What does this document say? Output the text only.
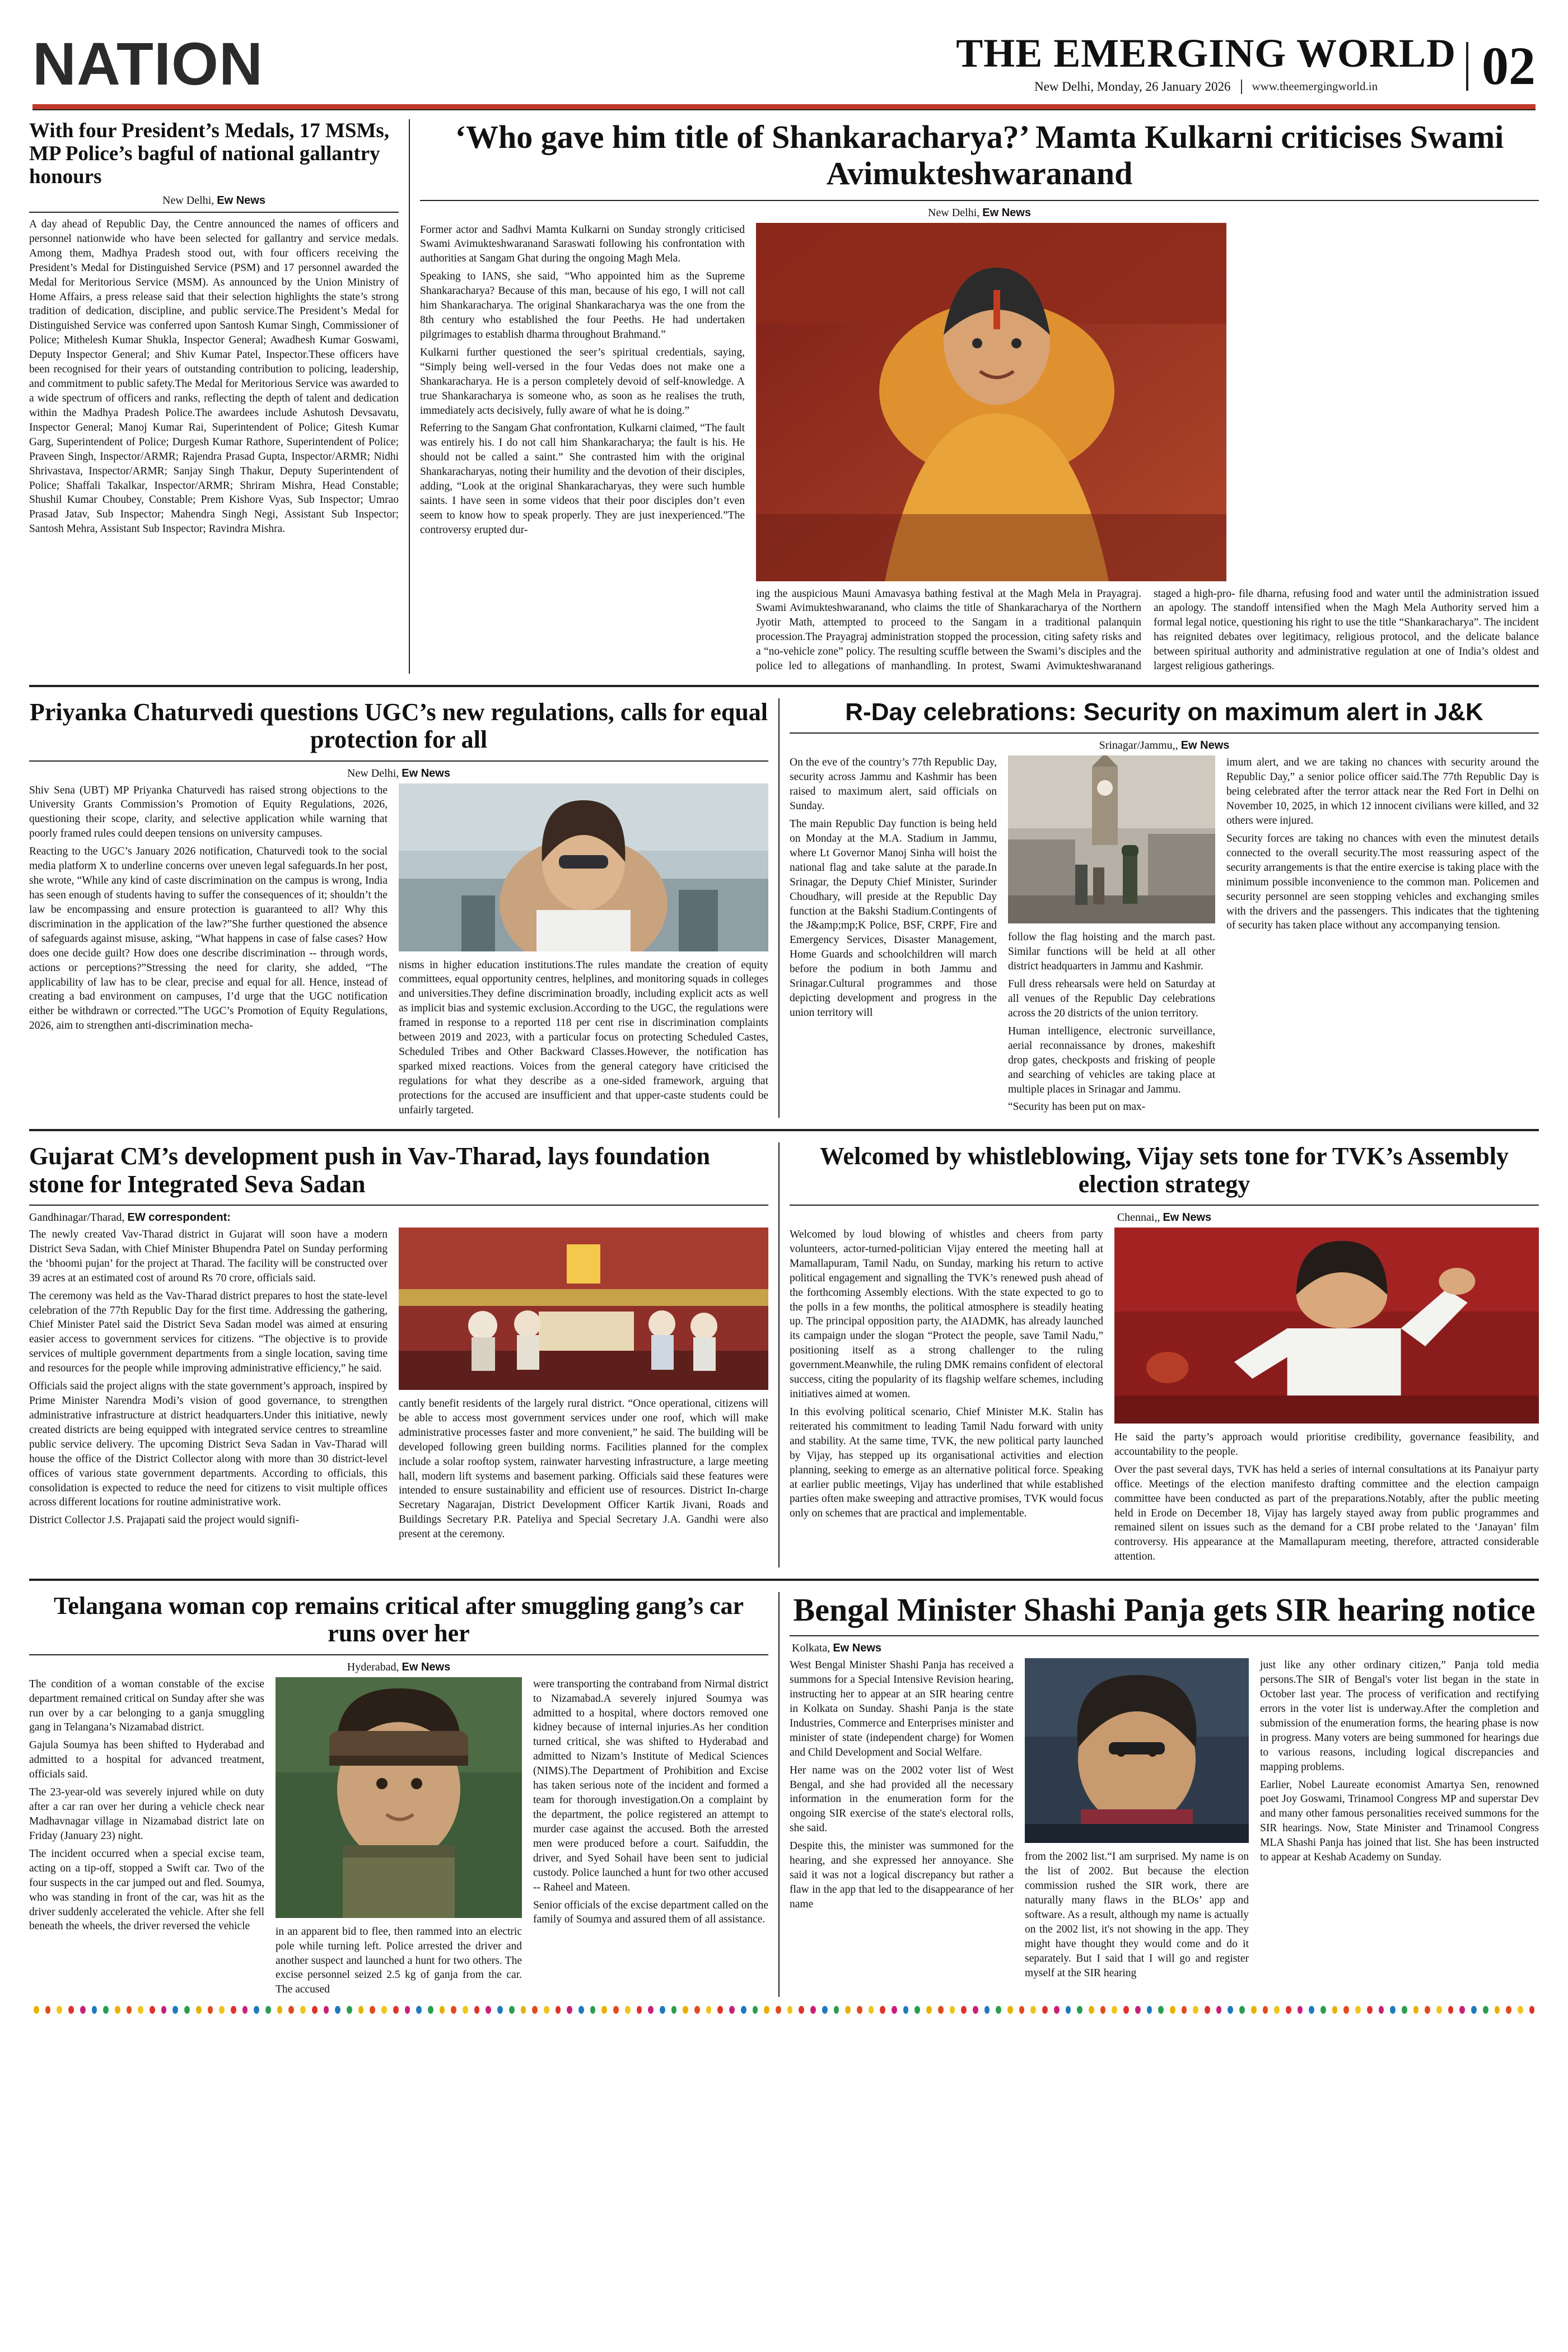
NATION	THE EMERGING WORLD
New Delhi, Monday, 26 January 2026 www.theemergingworld.in 02
With four President’s Medals, 17 MSMs, MP Police’s bagful of national gallantry honours
New Delhi, Ew News
A day ahead of Republic Day, the Centre announced the names of officers and personnel nationwide who have been selected for gallantry and service medals. Among them, Madhya Pradesh stood out, with four officers receiving the President’s Medal for Distinguished Service (PSM) and 17 personnel awarded the Medal for Meritorious Service (MSM). As announced by the Union Ministry of Home Affairs, a press release said that their selection highlights the state’s strong tradition of dedication, discipline, and public service.The President’s Medal for Distinguished Service was conferred upon Santosh Kumar Singh, Commissioner of Police; Mithelesh Kumar Shukla, Inspector General; Awadhesh Kumar Goswami, Deputy Inspector General; and Shiv Kumar Patel, Inspector.These officers have been recognised for their years of outstanding contribution to policing, leadership, and commitment to public safety.The Medal for Meritorious Service was awarded to a wide spectrum of officers and ranks, reflecting the depth of talent and dedication within the Madhya Pradesh Police.The awardees include Ashutosh Devsavatu, Inspector General; Manoj Kumar Rai, Superintendent of Police; Gitesh Kumar Garg, Superintendent of Police; Durgesh Kumar Rathore, Superintendent of Police; Praveen Singh, Inspector/ARMR; Rajendra Prasad Gupta, Inspector/ARMR; Nidhi Shrivastava, Inspector/ARMR; Sanjay Singh Thakur, Deputy Superintendent of Police; Shaffali Takalkar, Inspector/ARMR; Shriram Mishra, Head Constable; Shushil Kumar Choubey, Constable; Prem Kishore Vyas, Sub Inspector; Umrao Prasad Jatav, Sub Inspector; Mahendra Singh Negi, Assistant Sub Inspector; Santosh Mehra, Assistant Sub Inspector; Ravindra Mishra.
‘Who gave him title of Shankaracharya?’ Mamta Kulkarni criticises Swami Avimukteshwaranand
New Delhi, Ew News

Former actor and Sadhvi Mamta Kulkarni on Sunday strongly criticised Swami Avimukteshwaranand Saraswati following his confrontation with authorities at Sangam Ghat during the ongoing Magh Mela.

Speaking to IANS, she said, “Who appointed him as the Supreme Shankaracharya? Because of this man, because of his ego, I will not call him Shankaracharya. The original Shankaracharya was the one from the 8th century who established the four Peeths. He had undertaken pilgrimages to establish dharma throughout Brahmand.”

Kulkarni further questioned the seer’s spiritual credentials, saying, “Simply being well-versed in the four Vedas does not make one a Shankaracharya. He is a person completely devoid of self-knowledge. A true Shankaracharya is someone who, as soon as he realises the truth, immediately acts decisively, fully aware of what he is doing.”

Referring to the Sangam Ghat confrontation, Kulkarni claimed, “The fault was entirely his. I do not call him Shankaracharya; the fault is his. He should not be called a saint.” She contrasted him with the original Shankaracharyas, noting their humility and the devotion of their disciples, adding, “Look at the original Shankaracharyas, they were such humble saints. I have seen in some videos that their poor disciples don’t even seem to know how to speak properly. They are just inexperienced.”The controversy erupted dur-

ing the auspicious Mauni Amavasya bathing festival at the Magh Mela in Prayagraj. Swami Avimukteshwaranand, who claims the title of Shankaracharya of the Northern Jyotir Math, attempted to proceed to the Sangam in a traditional palanquin procession.The Prayagraj administration stopped the procession, citing safety risks and a “no-vehicle zone” policy. The resulting scuffle between the Swami’s disciples and the police led to allegations of manhandling. In protest, Swami Avimukteshwaranand staged a high-pro- file dharna, refusing food and water until the administration issued an apology. The standoff intensified when the Magh Mela Authority served him a formal legal notice, questioning his right to use the title “Shankaracharya”. The incident has reignited debates over legitimacy, religious protocol, and the delicate balance between spiritual authority and administrative regulation at one of India’s oldest and largest religious gatherings.
Priyanka Chaturvedi questions UGC’s new regulations, calls for equal protection for all
New Delhi, Ew News

Shiv Sena (UBT) MP Priyanka Chaturvedi has raised strong objections to the University Grants Commission’s Promotion of Equity Regulations, 2026, questioning their scope, clarity, and selective application while warning that poorly framed rules could deepen tensions on university campuses.

Reacting to the UGC’s January 2026 notification, Chaturvedi took to the social media platform X to underline concerns over uneven legal safeguards.In her post, she wrote, “While any kind of caste discrimination on the campus is wrong, India has seen enough of students having to suffer the consequences of it; shouldn’t the law be encompassing and ensure protection is guaranteed to all? Why this discrimination in the application of the law?”She further questioned the absence of safeguards against misuse, asking, “What happens in case of false cases? How does one decide guilt? How does one describe discrimination -- through words, actions or perceptions?”Stressing the need for clarity, she added, “The applicability of law has to be clear, precise and equal for all. Hence, instead of creating a bad environment on campuses, I’d urge that the UGC notification either be withdrawn or corrected.”The UGC’s Promotion of Equity Regulations, 2026, aim to strengthen anti-discrimination mecha-

nisms in higher education institutions.The rules mandate the creation of equity committees, equal opportunity centres, helplines, and monitoring squads in colleges and universities.They define discrimination broadly, including explicit acts as well as implicit bias and systemic exclusion.According to the UGC, the regulations were framed in response to a reported 118 per cent rise in discrimination complaints between 2019 and 2023, with a particular focus on protecting Scheduled Castes, Scheduled Tribes and Other Backward Classes.However, the notification has sparked mixed reactions. Voices from the general category have criticised the regulations for what they describe as a one-sided framework, arguing that protections for the accused are insufficient and that upper-caste students could be unfairly targeted.
R-Day celebrations: Security on maximum alert in J&K
Srinagar/Jammu,, Ew News

On the eve of the country’s 77th Republic Day, security across Jammu and Kashmir has been raised to maximum alert, said officials on Sunday.

The main Republic Day function is being held on Monday at the M.A. Stadium in Jammu, where Lt Governor Manoj Sinha will hoist the national flag and take salute at the parade.In Srinagar, the Deputy Chief Minister, Surinder Choudhary, will preside at the Republic Day function at the Bakshi Stadium.Contingents of the J&amp;mp;K Police, BSF, CRPF, Fire and Emergency Services, Disaster Management, Home Guards and schoolchildren will march before the podium in both Jammu and Srinagar.Cultural programmes and those depicting development and progress in the union territory will

follow the flag hoisting and the march past. Similar functions will be held at all other district headquarters in Jammu and Kashmir.

Full dress rehearsals were held on Saturday at all venues of the Republic Day celebrations across the 20 districts of the union territory.

Human intelligence, electronic surveillance, aerial reconnaissance by drones, makeshift drop gates, checkposts and frisking of people and searching of vehicles are taking place at multiple places in Srinagar and Jammu.

“Security has been put on max-

imum alert, and we are taking no chances with security around the Republic Day,” a senior police officer said.The 77th Republic Day is being celebrated after the terror attack near the Red Fort in Delhi on November 10, 2025, in which 12 innocent civilians were killed, and 32 others were injured.

Security forces are taking no chances with even the minutest details connected to the overall security.The most reassuring aspect of the security arrangements is that the entire exercise is taking place with the minimum possible inconvenience to the common man. Policemen and security personnel are seen stopping vehicles and exchanging smiles with the drivers and the passengers. This indicates that the tightening of security has taken place without any accompanying tension.

Gujarat CM’s development push in Vav-Tharad, lays foundation stone for Integrated Seva Sadan
Gandhinagar/Tharad, EW correspondent:

The newly created Vav-Tharad district in Gujarat will soon have a modern District Seva Sadan, with Chief Minister Bhupendra Patel on Sunday performing the ‘bhoomi pujan’ for the project at Tharad. The facility will be constructed over 39 acres at an estimated cost of around Rs 70 crore, officials said.

The ceremony was held as the Vav-Tharad district prepares to host the state-level celebration of the 77th Republic Day for the first time. Addressing the gathering, Chief Minister Patel said the District Seva Sadan model was aimed at ensuring easier access to government services for citizens. “The objective is to provide services of multiple government departments from a single location, saving time and resources for the people while improving administrative efficiency,” he said.

Officials said the project aligns with the state government’s approach, inspired by Prime Minister Narendra Modi’s vision of good governance, to strengthen administrative infrastructure at district headquarters.Under this initiative, newly created districts are being equipped with integrated service centres to streamline public service delivery. The upcoming District Seva Sadan in Vav-Tharad will house the office of the District Collector along with more than 30 district-level offices of various state government departments. According to officials, this consolidation is expected to reduce the need for citizens to visit multiple offices across different locations for routine administrative work.

District Collector J.S. Prajapati said the project would signifi-

cantly benefit residents of the largely rural district. “Once operational, citizens will be able to access most government services under one roof, which will make administrative processes faster and more convenient,” he said. The building will be developed following green building norms. Facilities planned for the complex include a solar rooftop system, rainwater harvesting infrastructure, a large meeting hall, modern lift systems and basement parking. Officials said these features were intended to ensure sustainability and efficient use of resources. District In-charge Secretary Nagarajan, District Development Officer Kartik Jivani, Roads and Buildings Secretary P.R. Pateliya and Special Secretary J.A. Gandhi were also present at the ceremony.
Welcomed by whistleblowing, Vijay sets tone for TVK’s Assembly election strategy
Chennai,, Ew News

Welcomed by loud blowing of whistles and cheers from party volunteers, actor-turned-politician Vijay entered the meeting hall at Mamallapuram, Tamil Nadu, on Sunday, marking his return to active political engagement and signalling the TVK’s renewed push ahead of the forthcoming Assembly elections. With the state expected to go to the polls in a few months, the political atmosphere is steadily heating up. The principal opposition party, the AIADMK, has already launched its campaign under the slogan “Protect the people, save Tamil Nadu,” positioning itself as a strong challenger to the ruling government.Meanwhile, the ruling DMK remains confident of electoral success, citing the popularity of its flagship welfare schemes, including initiatives aimed at women.

In this evolving political scenario, Chief Minister M.K. Stalin has reiterated his commitment to leading Tamil Nadu forward with unity and stability. At the same time, TVK, the new political party launched by Vijay, has stepped up its organisational activities and election planning, seeking to emerge as an alternative political force. Speaking at earlier public meetings, Vijay has underlined that while established parties often make sweeping and attractive promises, TVK would focus only on schemes that are practical and implementable.

He said the party’s approach would prioritise credibility, governance feasibility, and accountability to the people.

Over the past several days, TVK has held a series of internal consultations at its Panaiyur party office. Meetings of the election manifesto drafting committee and the election campaign committee have been conducted as part of the preparations.Notably, after the public meeting held in Erode on December 18, Vijay has largely stayed away from public programmes and remained silent on issues such as the demand for a CBI probe related to the ‘Janayan’ film controversy. His appearance at the Mamallapuram meeting, therefore, attracted considerable attention.

Telangana woman cop remains critical after smuggling gang’s car runs over her
Hyderabad, Ew News

The condition of a woman constable of the excise department remained critical on Sunday after she was run over by a car belonging to a ganja smuggling gang in Telangana’s Nizamabad district.

Gajula Soumya has been shifted to Hyderabad and admitted to a hospital for advanced treatment, officials said.

The 23-year-old was severely injured while on duty after a car ran over her during a vehicle check near Madhavnagar village in Nizamabad district late on Friday (January 23) night.

The incident occurred when a special excise team, acting on a tip-off, stopped a Swift car. Two of the four suspects in the car jumped out and fled. Soumya, who was standing in front of the car, was hit as the driver suddenly accelerated the vehicle. After she fell beneath the wheels, the driver reversed the vehicle	in an apparent bid to flee, then rammed into an electric pole while turning left. Police arrested the driver and another suspect and launched a hunt for two others. The excise personnel seized 2.5 kg of ganja from the car. The accused

were transporting the contraband from Nirmal district to Nizamabad.A severely injured Soumya was admitted to a hospital, where doctors removed one kidney because of internal injuries.As her condition turned critical, she was shifted to Hyderabad and admitted to Nizam’s Institute of Medical Sciences (NIMS).The Department of Prohibition and Excise has taken serious note of the incident and formed a team for thorough investigation.On a complaint by the department, the police registered an attempt to murder case against the accused. Both the arrested men were produced before a court. Saifuddin, the driver, and Syed Sohail have been sent to judicial custody. Police launched a hunt for two other accused -- Raheel and Mateen.

Senior officials of the excise department called on the family of Soumya and assured them of all assistance.

Bengal Minister Shashi Panja gets SIR hearing notice
Kolkata, Ew News

West Bengal Minister Shashi Panja has received a summons for a Special Intensive Revision hearing, instructing her to appear at an SIR hearing centre in Kolkata on Sunday. Shashi Panja is the state Industries, Commerce and Enterprises minister and minister of state (independent charge) for Women and Child Development and Social Welfare.

Her name was on the 2002 voter list of West Bengal, and she had provided all the necessary information in the enumeration form for the ongoing SIR exercise of the state's electoral rolls, she said.

Despite this, the minister was summoned for the hearing, and she expressed her annoyance. She said it was not a logical discrepancy but rather a flaw in the app that led to the disappearance of her name

from the 2002 list.“I am surprised. My name is on the list of 2002. But because the election commission rushed the SIR work, there are naturally many flaws in the BLOs’ app and software. As a result, although my name is actually on the 2002 list, it's not showing in the app. They might have thought they would come and do it separately. But I said that I will go and register myself at the SIR hearing

just like any other ordinary citizen,” Panja told media persons.The SIR of Bengal's voter list began in the state in October last year. The process of verification and rectifying errors in the voter list is underway.After the completion and submission of the enumeration forms, the hearing phase is now in progress. Many voters are being summoned for hearings due to various reasons, including logical discrepancies and mapping problems.

Earlier, Nobel Laureate economist Amartya Sen, renowned poet Joy Goswami, Trinamool Congress MP and superstar Dev and many other famous personalities received summons for the SIR hearings. Now, State Minister and Trinamool Congress MLA Shashi Panja has joined that list. She has been instructed to appear at Keshab Academy on Sunday.
